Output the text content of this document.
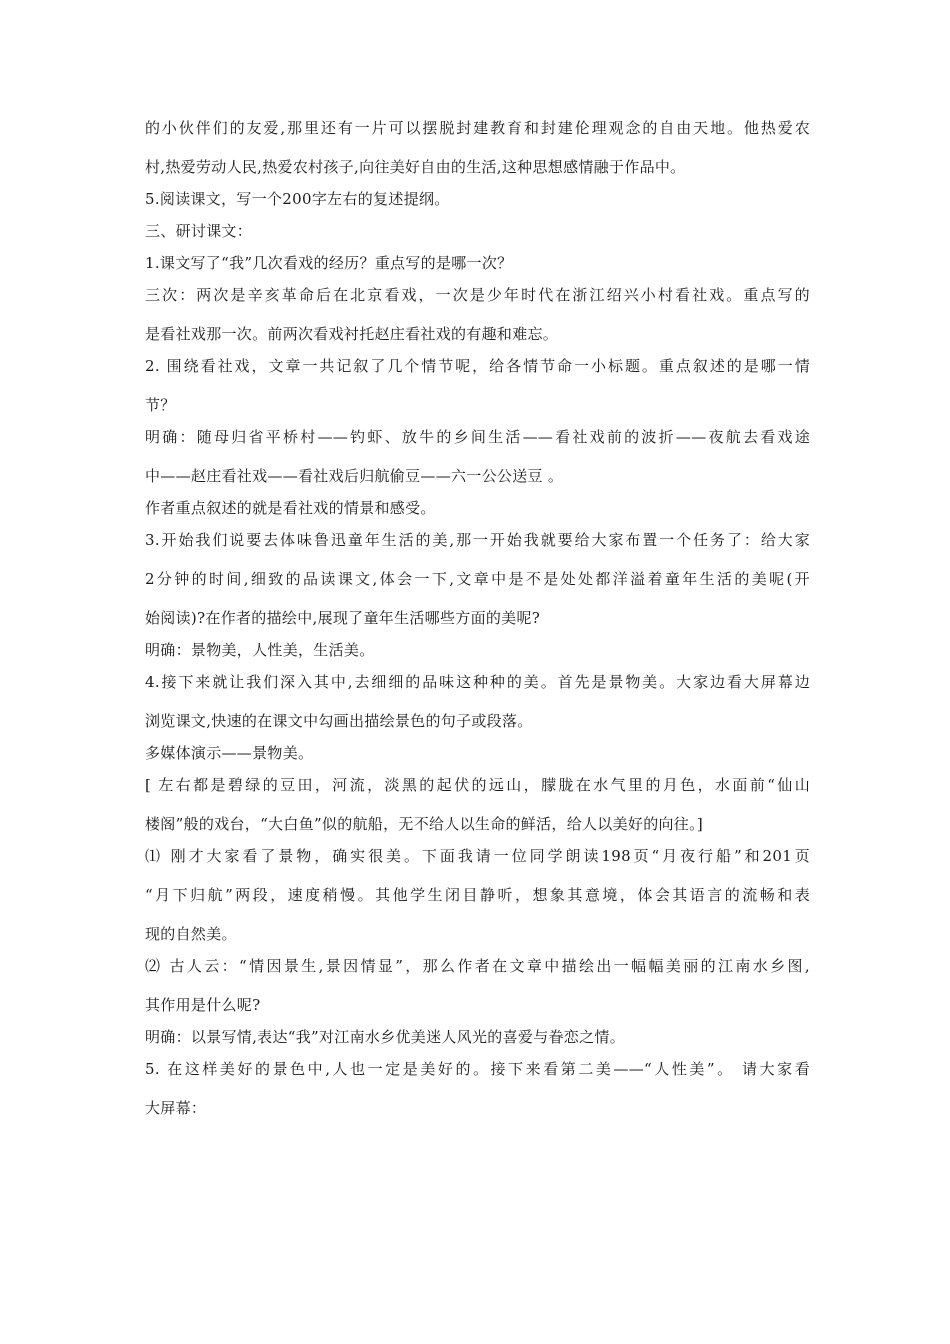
的小伙伴们的友爱,那里还有一片可以摆脱封建教育和封建伦理观念的自由天地。他热爱农
村,热爱劳动人民,热爱农村孩子,向往美好自由的生活,这种思想感情融于作品中。
5.阅读课文，写一个200字左右的复述提纲。
三、研讨课文：
1.课文写了“我”几次看戏的经历？重点写的是哪一次？
三次：两次是辛亥革命后在北京看戏，一次是少年时代在浙江绍兴小村看社戏。重点写的
是看社戏那一次。前两次看戏衬托赵庄看社戏的有趣和难忘。
2. 围绕看社戏，文章一共记叙了几个情节呢，给各情节命一小标题。重点叙述的是哪一情
节？
明确：随母归省平桥村——钓虾、放牛的乡间生活——看社戏前的波折——夜航去看戏途
中——赵庄看社戏——看社戏后归航偷豆——六一公公送豆 。
作者重点叙述的就是看社戏的情景和感受。
3.开始我们说要去体味鲁迅童年生活的美,那一开始我就要给大家布置一个任务了：给大家
2分钟的时间,细致的品读课文,体会一下,文章中是不是处处都洋溢着童年生活的美呢(开
始阅读)?在作者的描绘中,展现了童年生活哪些方面的美呢?
明确：景物美，人性美，生活美。
4.接下来就让我们深入其中,去细细的品味这种种的美。首先是景物美。大家边看大屏幕边
浏览课文,快速的在课文中勾画出描绘景色的句子或段落。
多媒体演示——景物美。
[ 左右都是碧绿的豆田，河流，淡黑的起伏的远山，朦胧在水气里的月色，水面前“仙山
楼阁”般的戏台，“大白鱼”似的航船，无不给人以生命的鲜活，给人以美好的向往。]
⑴ 刚才大家看了景物，确实很美。下面我请一位同学朗读198页“月夜行船”和201页
“月下归航”两段，速度稍慢。其他学生闭目静听，想象其意境，体会其语言的流畅和表
现的自然美。
⑵ 古人云：“情因景生,景因情显”，那么作者在文章中描绘出一幅幅美丽的江南水乡图,
其作用是什么呢?
明确：以景写情,表达“我”对江南水乡优美迷人风光的喜爱与眷恋之情。
5. 在这样美好的景色中,人也一定是美好的。接下来看第二美——“人性美”。 请大家看
大屏幕：
